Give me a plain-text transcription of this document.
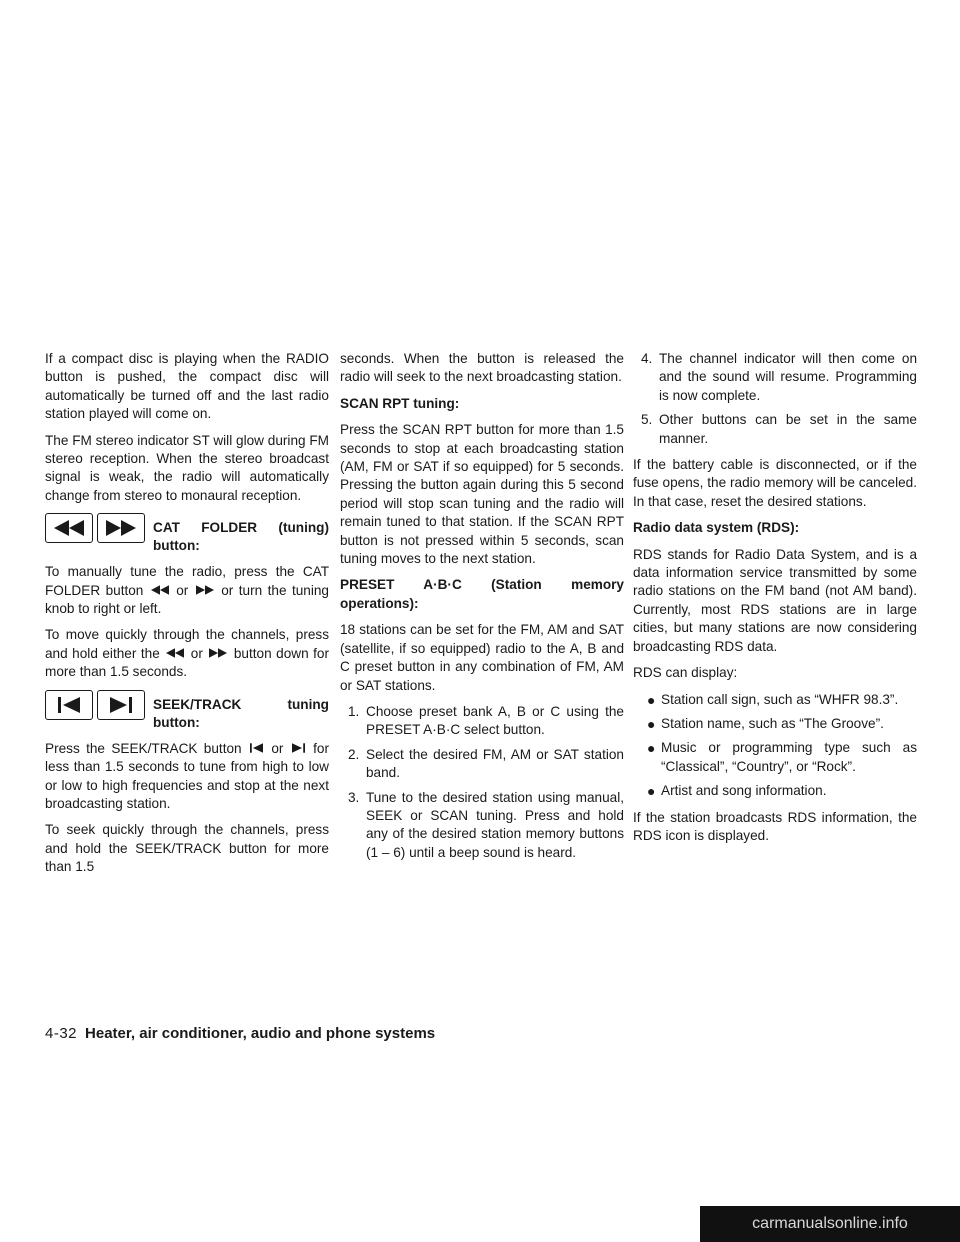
If a compact disc is playing when the RADIO button is pushed, the compact disc will automatically be turned off and the last radio station played will come on.

The FM stereo indicator ST will glow during FM stereo reception. When the stereo broadcast signal is weak, the radio will automatically change from stereo to monaural reception.

CAT FOLDER (tuning) button:

To manually tune the radio, press the CAT FOLDER button or or turn the tuning knob to right or left.

To move quickly through the channels, press and hold either the or button down for more than 1.5 seconds.

SEEK/TRACK tuning button:

Press the SEEK/TRACK button or for less than 1.5 seconds to tune from high to low or low to high frequencies and stop at the next broadcasting station.

To seek quickly through the channels, press and hold the SEEK/TRACK button for more than 1.5

seconds. When the button is released the radio will seek to the next broadcasting station.

SCAN RPT tuning:

Press the SCAN RPT button for more than 1.5 seconds to stop at each broadcasting station (AM, FM or SAT if so equipped) for 5 seconds. Pressing the button again during this 5 second period will stop scan tuning and the radio will remain tuned to that station. If the SCAN RPT button is not pressed within 5 seconds, scan tuning moves to the next station.

PRESET A·B·C (Station memory operations):

18 stations can be set for the FM, AM and SAT (satellite, if so equipped) radio to the A, B and C preset button in any combination of FM, AM or SAT stations.

1. Choose preset bank A, B or C using the PRESET A·B·C select button.
2. Select the desired FM, AM or SAT station band.
3. Tune to the desired station using manual, SEEK or SCAN tuning. Press and hold any of the desired station memory buttons (1 – 6) until a beep sound is heard.
4. The channel indicator will then come on and the sound will resume. Programming is now complete.
5. Other buttons can be set in the same manner.

If the battery cable is disconnected, or if the fuse opens, the radio memory will be canceled. In that case, reset the desired stations.

Radio data system (RDS):

RDS stands for Radio Data System, and is a data information service transmitted by some radio stations on the FM band (not AM band). Currently, most RDS stations are in large cities, but many stations are now considering broadcasting RDS data.

RDS can display:

● Station call sign, such as “WHFR 98.3”.
● Station name, such as “The Groove”.
● Music or programming type such as “Classical”, “Country”, or “Rock”.
● Artist and song information.

If the station broadcasts RDS information, the RDS icon is displayed.

4-32 Heater, air conditioner, audio and phone systems
carmanualsonline.info
